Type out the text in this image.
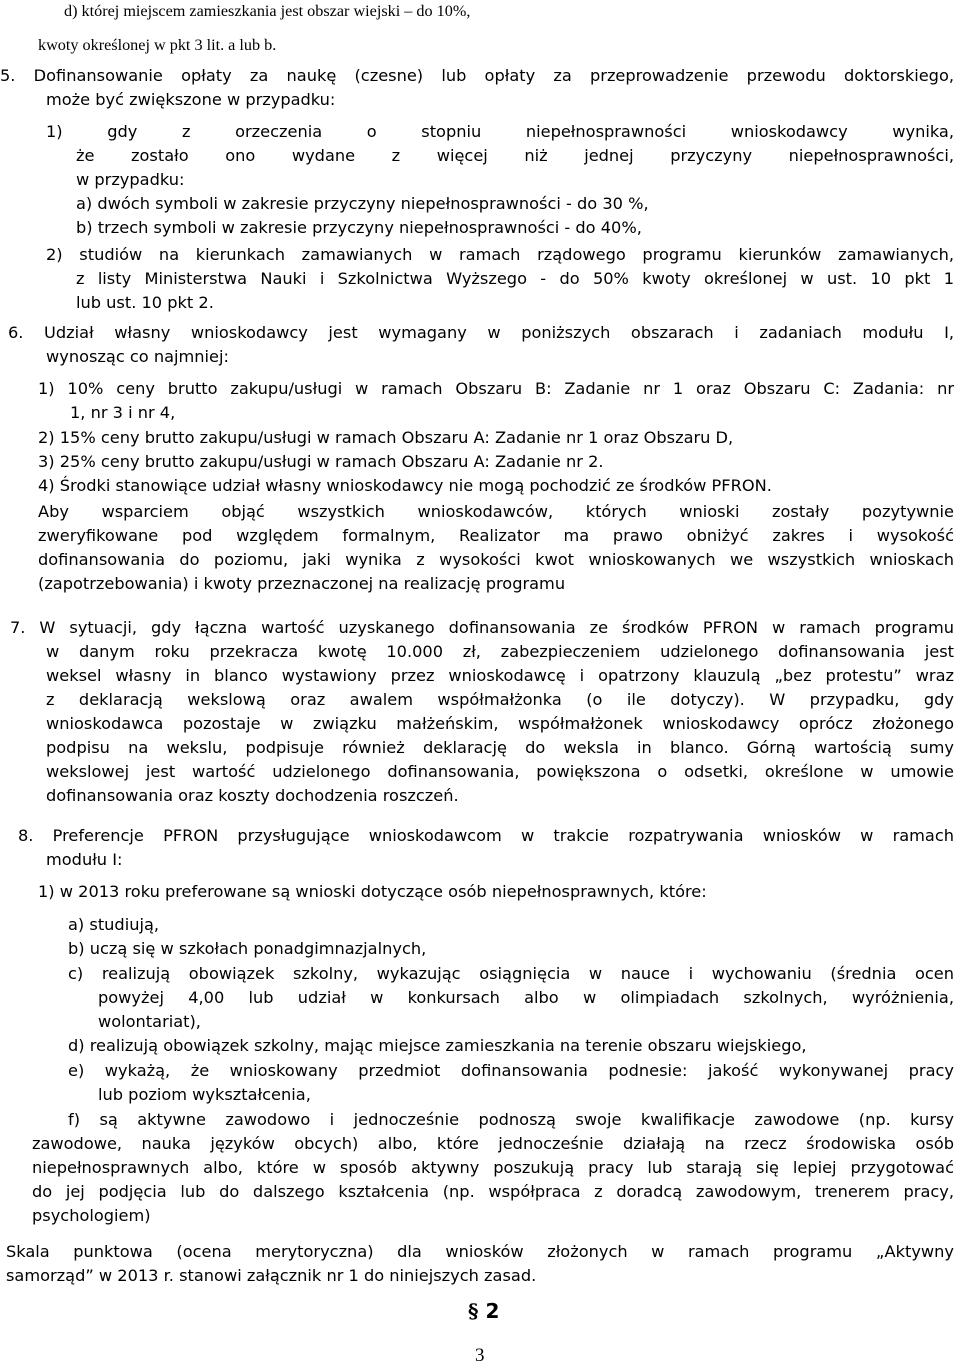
d) której miejscem zamieszkania jest obszar wiejski – do 10%,
kwoty określonej w pkt 3 lit. a lub b.
5. Dofinansowanie opłaty za naukę (czesne) lub opłaty za przeprowadzenie przewodu doktorskiego,
może być zwiększone w przypadku:
1) gdy z orzeczenia o stopniu niepełnosprawności wnioskodawcy wynika,
że zostało ono wydane z więcej niż jednej przyczyny niepełnosprawności,
w przypadku:
a) dwóch symboli w zakresie przyczyny niepełnosprawności - do 30 %,
b) trzech symboli w zakresie przyczyny niepełnosprawności - do 40%,
2) studiów na kierunkach zamawianych w ramach rządowego programu kierunków zamawianych,
z listy Ministerstwa Nauki i Szkolnictwa Wyższego - do 50% kwoty określonej w ust. 10 pkt 1
lub ust. 10 pkt 2.
6. Udział własny wnioskodawcy jest wymagany w poniższych obszarach i zadaniach modułu I,
wynosząc co najmniej:
1) 10% ceny brutto zakupu/usługi w ramach Obszaru B: Zadanie nr 1 oraz Obszaru C: Zadania: nr
1, nr 3 i nr 4,
2) 15% ceny brutto zakupu/usługi w ramach Obszaru A: Zadanie nr 1 oraz Obszaru D,
3) 25% ceny brutto zakupu/usługi w ramach Obszaru A: Zadanie nr 2.
4) Środki stanowiące udział własny wnioskodawcy nie mogą pochodzić ze środków PFRON.
Aby wsparciem objąć wszystkich wnioskodawców, których wnioski zostały pozytywnie
zweryfikowane pod względem formalnym, Realizator ma prawo obniżyć zakres i wysokość
dofinansowania do poziomu, jaki wynika z wysokości kwot wnioskowanych we wszystkich wnioskach
(zapotrzebowania) i kwoty przeznaczonej na realizację programu
7. W sytuacji, gdy łączna wartość uzyskanego dofinansowania ze środków PFRON w ramach programu
w danym roku przekracza kwotę 10.000 zł, zabezpieczeniem udzielonego dofinansowania jest
weksel własny in blanco wystawiony przez wnioskodawcę i opatrzony klauzulą „bez protestu” wraz
z deklaracją wekslową oraz awalem współmałżonka (o ile dotyczy). W przypadku, gdy
wnioskodawca pozostaje w związku małżeńskim, współmałżonek wnioskodawcy oprócz złożonego
podpisu na wekslu, podpisuje również deklarację do weksla in blanco. Górną wartością sumy
wekslowej jest wartość udzielonego dofinansowania, powiększona o odsetki, określone w umowie
dofinansowania oraz koszty dochodzenia roszczeń.
8. Preferencje PFRON przysługujące wnioskodawcom w trakcie rozpatrywania wniosków w ramach
modułu I:
1) w 2013 roku preferowane są wnioski dotyczące osób niepełnosprawnych, które:
a) studiują,
b) uczą się w szkołach ponadgimnazjalnych,
c) realizują obowiązek szkolny, wykazując osiągnięcia w nauce i wychowaniu (średnia ocen
powyżej 4,00 lub udział w konkursach albo w olimpiadach szkolnych, wyróżnienia,
wolontariat),
d) realizują obowiązek szkolny, mając miejsce zamieszkania na terenie obszaru wiejskiego,
e) wykażą, że wnioskowany przedmiot dofinansowania podnesie: jakość wykonywanej pracy
lub poziom wykształcenia,
f) są aktywne zawodowo i jednocześnie podnoszą swoje kwalifikacje zawodowe (np. kursy
zawodowe, nauka języków obcych) albo, które jednocześnie działają na rzecz środowiska osób
niepełnosprawnych albo, które w sposób aktywny poszukują pracy lub starają się lepiej przygotować
do jej podjęcia lub do dalszego kształcenia (np. współpraca z doradcą zawodowym, trenerem pracy,
psychologiem)
Skala punktowa (ocena merytoryczna) dla wniosków złożonych w ramach programu „Aktywny
samorząd” w 2013 r. stanowi załącznik nr 1 do niniejszych zasad.
§ 2
3
